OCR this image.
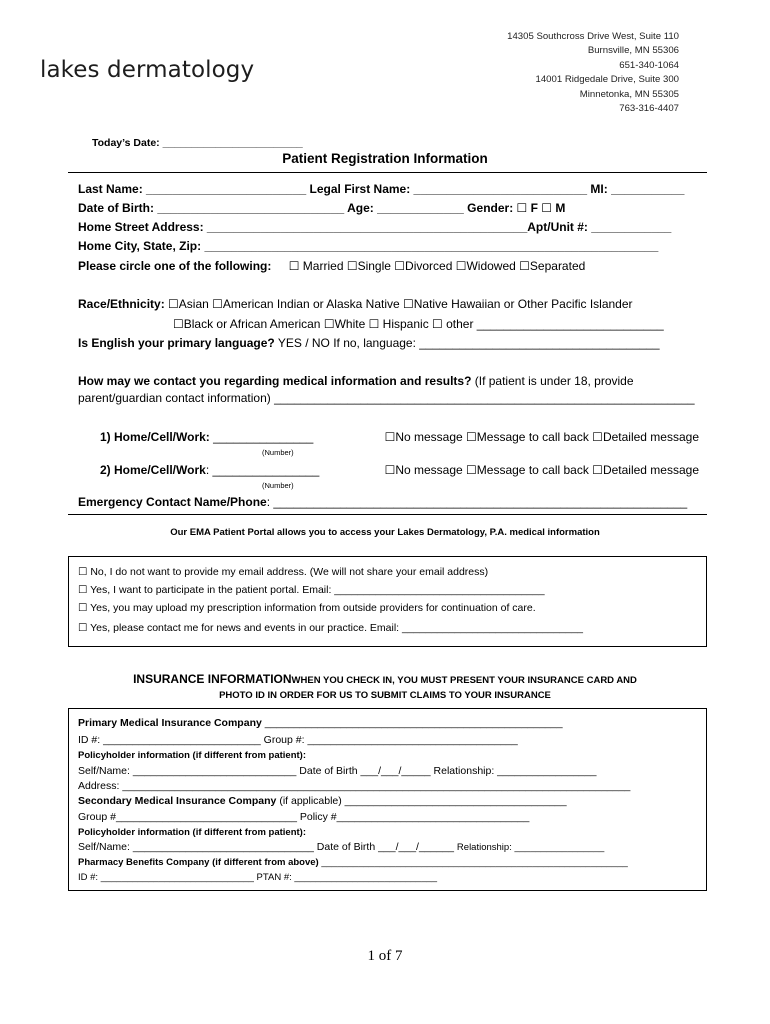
lakes dermatology
14305 Southcross Drive West, Suite 110
Burnsville, MN 55306
651-340-1064
14001 Ridgedale Drive, Suite 300
Minnetonka, MN 55305
763-316-4407
Today’s Date: ________________________
Patient Registration Information
Last Name: ________________________ Legal First Name: __________________________ MI: ___________
Date of Birth: ____________________________ Age: _____________ Gender: ☐ F ☐ M
Home Street Address: ________________________________________________Apt/Unit #: ____________
Home City, State, Zip: ____________________________________________________________________
Please circle one of the following: ☐ Married ☐Single ☐Divorced ☐Widowed ☐Separated
Race/Ethnicity: ☐Asian ☐American Indian or Alaska Native ☐Native Hawaiian or Other Pacific Islander
☐Black or African American ☐White ☐ Hispanic ☐ other ____________________________
Is English your primary language? YES / NO If no, language: ____________________________________
How may we contact you regarding medical information and results? (If patient is under 18, provide
parent/guardian contact information) _______________________________________________________________
1) Home/Cell/Work: _______________	☐No message ☐Message to call back ☐Detailed message
(Number)
2) Home/Cell/Work: ________________	☐No message ☐Message to call back ☐Detailed message
(Number)
Emergency Contact Name/Phone: ______________________________________________________________
Our EMA Patient Portal allows you to access your Lakes Dermatology, P.A. medical information
☐ No, I do not want to provide my email address. (We will not share your email address)
☐ Yes, I want to participate in the patient portal. Email: ____________________________________
☐ Yes, you may upload my prescription information from outside providers for continuation of care.
☐ Yes, please contact me for news and events in our practice. Email: _______________________________
INSURANCE INFORMATIONWHEN YOU CHECK IN, YOU MUST PRESENT YOUR INSURANCE CARD AND
PHOTO ID IN ORDER FOR US TO SUBMIT CLAIMS TO YOUR INSURANCE
Primary Medical Insurance Company ___________________________________________________
ID #: ___________________________ Group #: ____________________________________
Policyholder information (if different from patient):
Self/Name: ____________________________ Date of Birth ___/___/_____ Relationship: _________________
Address: _______________________________________________________________________________________
Secondary Medical Insurance Company (if applicable) ______________________________________
Group #_______________________________ Policy #_________________________________
Policyholder information (if different from patient):
Self/Name: _______________________________ Date of Birth ___/___/______ Relationship: _________________
Pharmacy Benefits Company (if different from above) __________________________________________________________
ID #: _____________________________ PTAN #: ___________________________
1 of 7
